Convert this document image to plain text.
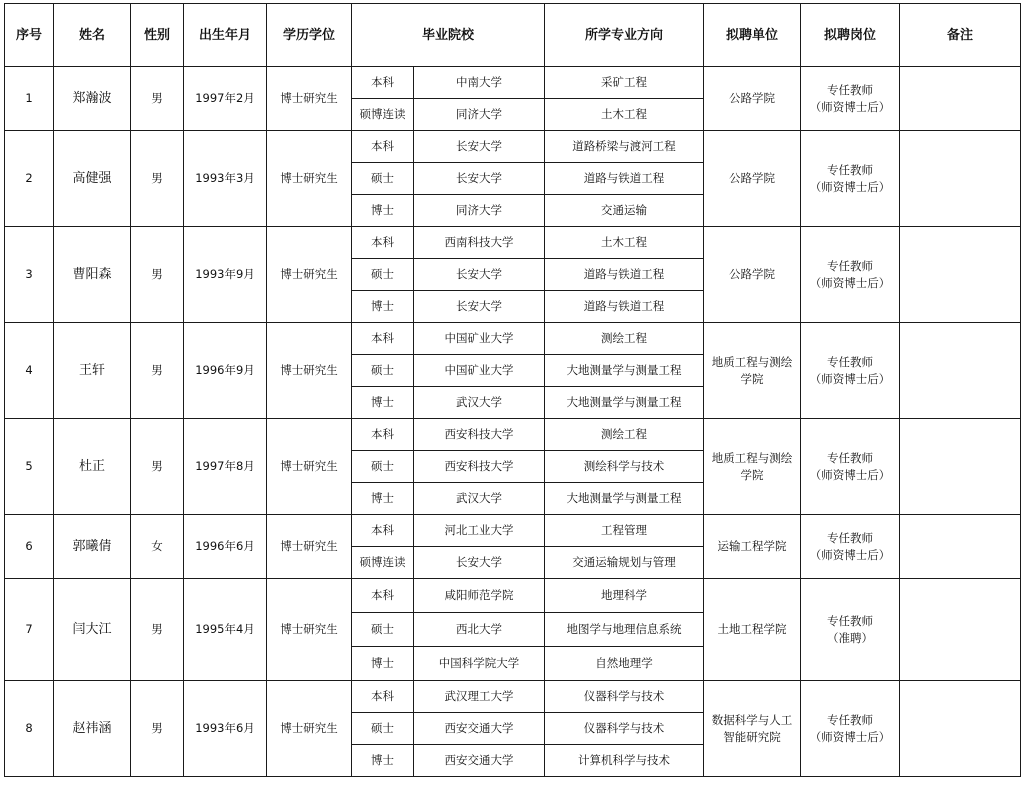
序号	姓名	性别	出生年月	学历学位	毕业院校		所学专业方向	拟聘单位	拟聘岗位	备注
1	郑瀚波	男	1997年2月	博士研究生	本科	中南大学	采矿工程	公路学院	专任教师
（师资博士后）	

					硕博连读	同济大学	土木工程			
2	高健强	男	1993年3月	博士研究生	本科	长安大学	道路桥梁与渡河工程	公路学院	专任教师
（师资博士后）	

					硕士	长安大学	道路与铁道工程			
					博士	同济大学	交通运输			
3	曹阳森	男	1993年9月	博士研究生	本科	西南科技大学	土木工程	公路学院	专任教师
（师资博士后）	

					硕士	长安大学	道路与铁道工程			
					博士	长安大学	道路与铁道工程			
4	王轩	男	1996年9月	博士研究生	本科	中国矿业大学	测绘工程	地质工程与测绘学院	专任教师
（师资博士后）	

					硕士	中国矿业大学	大地测量学与测量工程			
					博士	武汉大学	大地测量学与测量工程			
5	杜正	男	1997年8月	博士研究生	本科	西安科技大学	测绘工程	地质工程与测绘学院	专任教师
（师资博士后）	

					硕士	西安科技大学	测绘科学与技术			
					博士	武汉大学	大地测量学与测量工程			
6	郭曦倩	女	1996年6月	博士研究生	本科	河北工业大学	工程管理	运输工程学院	专任教师
（师资博士后）	

					硕博连读	长安大学	交通运输规划与管理			
7	闫大江	男	1995年4月	博士研究生	本科	咸阳师范学院	地理科学	土地工程学院	专任教师
（准聘）	

					硕士	西北大学	地图学与地理信息系统			
					博士	中国科学院大学	自然地理学			
8	赵祎涵	男	1993年6月	博士研究生	本科	武汉理工大学	仪器科学与技术	数据科学与人工智能研究院	专任教师
（师资博士后）	

					硕士	西安交通大学	仪器科学与技术			
					博士	西安交通大学	计算机科学与技术			
